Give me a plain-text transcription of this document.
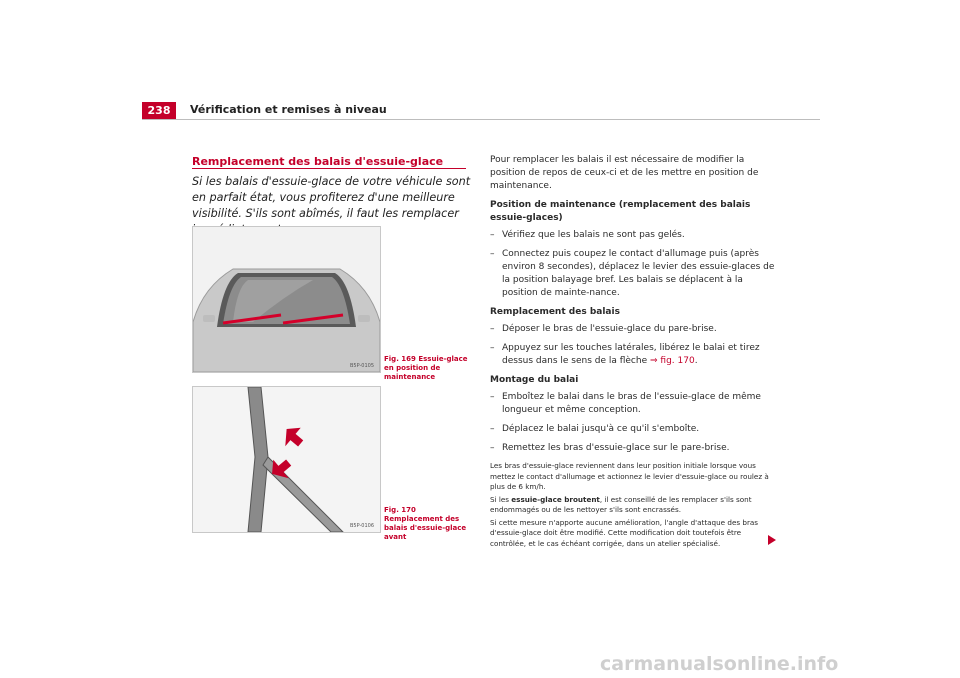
238	Vérification et remises à niveau
Remplacement des balais d'essuie-glace
Si les balais d'essuie-glace de votre véhicule sont en parfait état, vous profiterez d'une meilleure visibilité. S'ils sont abîmés, il faut les remplacer
B5P-0105
Fig. 169 Essuie-glace en position de maintenance
B5P-0106
Fig. 170 Remplacement des balais d'essuie-glace avant

Pour remplacer les balais il est nécessaire de modifier la position de repos de ceux-ci et de les mettre en position de maintenance.

Position de maintenance (remplacement des balais essuie-glaces)

– Vérifiez que les balais ne sont pas gelés.
– Connectez puis coupez le contact d'allumage puis (après environ 8 secondes), déplacez le levier des essuie-glaces de la position balayage bref. Les balais se déplacent à la position de mainte-nance.

Remplacement des balais

– Déposer le bras de l'essuie-glace du pare-brise.
– Appuyez sur les touches latérales, libérez le balai et tirez dessus dans le sens de la flèche ⇒ fig. 170.

Montage du balai

– Emboîtez le balai dans le bras de l'essuie-glace de même longueur et même conception.
– Déplacez le balai jusqu'à ce qu'il s'emboîte.
– Remettez les bras d'essuie-glace sur le pare-brise.

Les bras d'essuie-glace reviennent dans leur position initiale lorsque vous mettez le contact d'allumage et actionnez le levier d'essuie-glace ou roulez à plus de 6 km/h.

Si les essuie-glace broutent, il est conseillé de les remplacer s'ils sont endommagés ou de les nettoyer s'ils sont encrassés.

Si cette mesure n'apporte aucune amélioration, l'angle d'attaque des bras d'essuie-glace doit être modifié. Cette modification doit toutefois être contrôlée, et le cas échéant corrigée, dans un atelier spécialisé.

carmanualsonline.info
